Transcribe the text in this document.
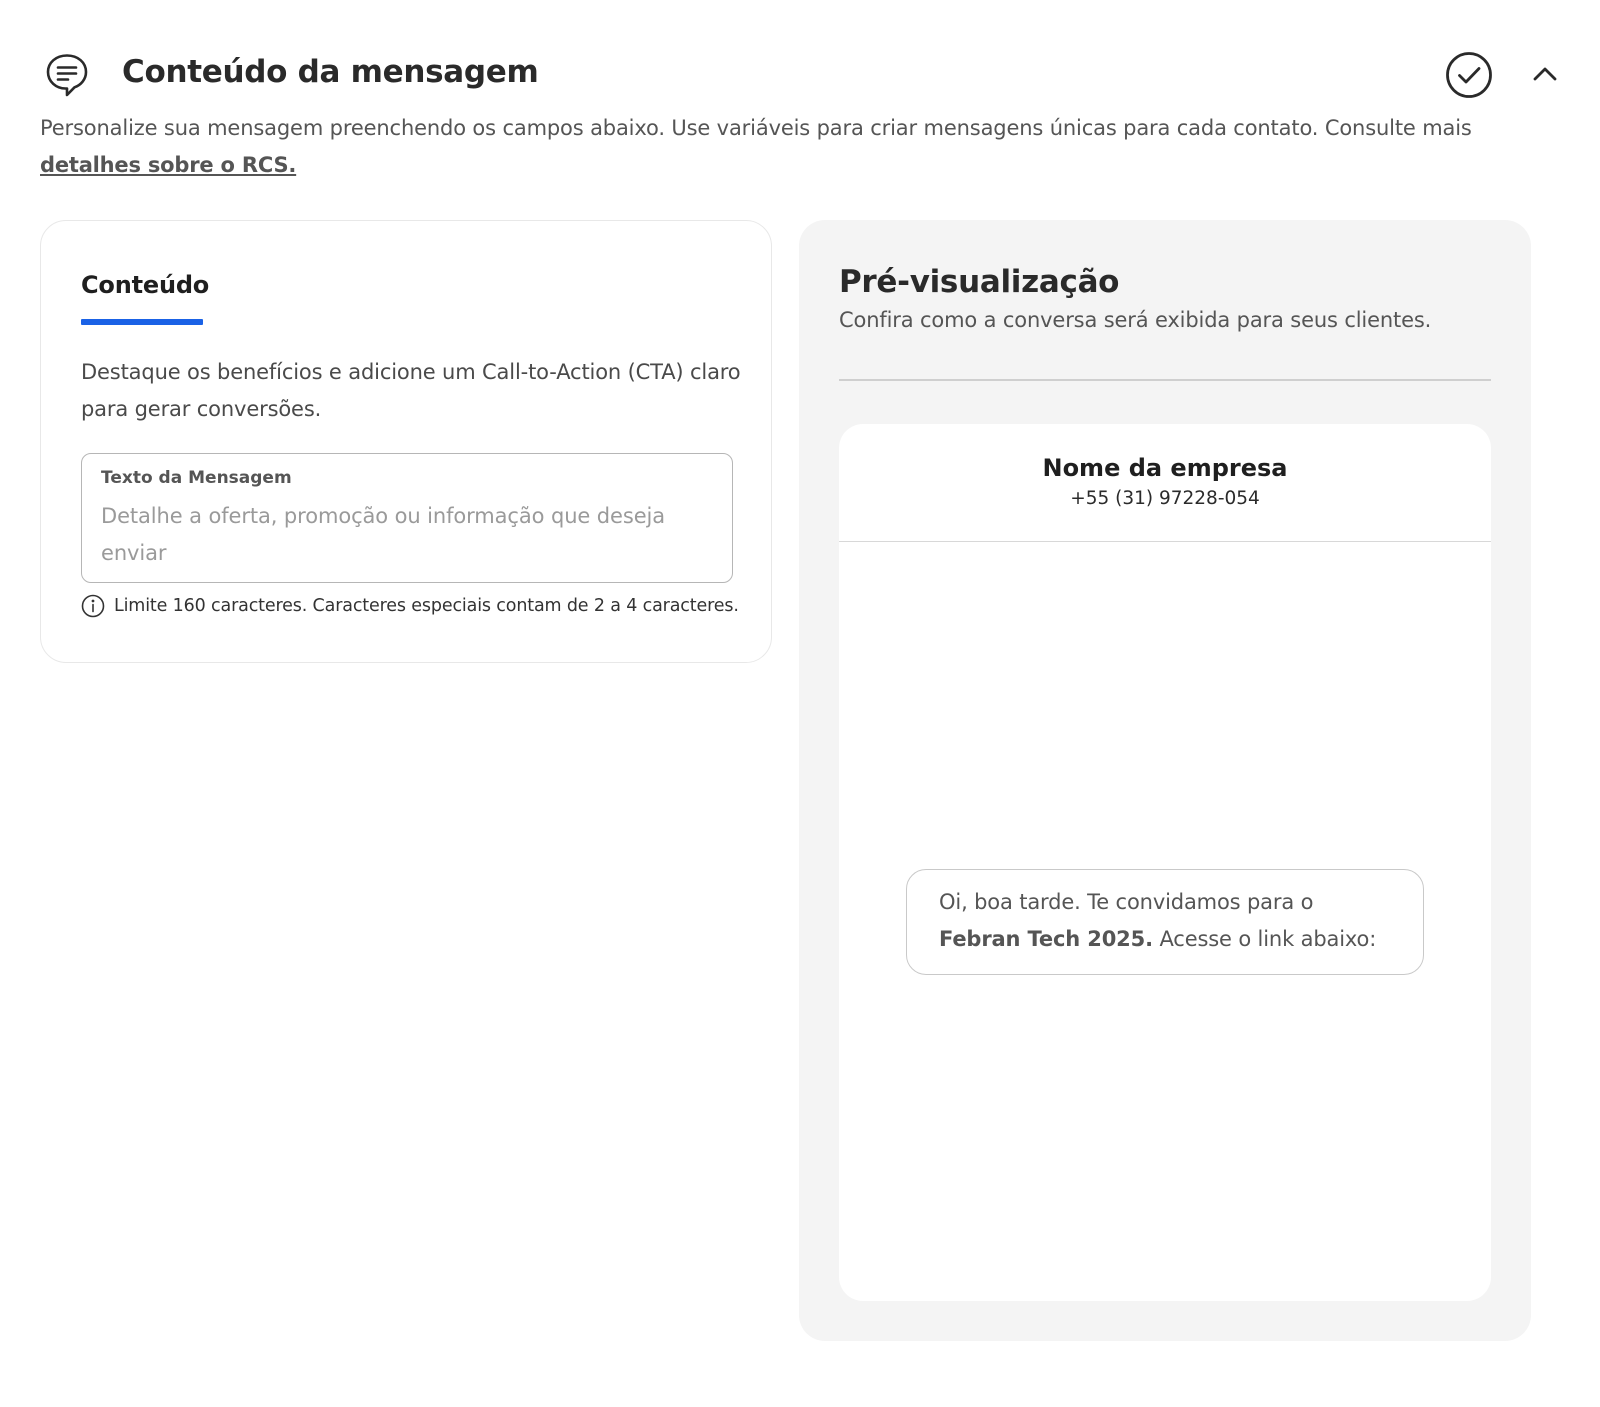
Conteúdo da mensagem
Personalize sua mensagem preenchendo os campos abaixo. Use variáveis para criar mensagens únicas para cada contato. Consulte mais
detalhes sobre o RCS.
Conteúdo
Destaque os benefícios e adicione um Call-to-Action (CTA) claro para gerar conversões.
Texto da Mensagem
Detalhe a oferta, promoção ou informação que deseja enviar
Limite 160 caracteres. Caracteres especiais contam de 2 a 4 caracteres.
Pré-visualização
Confira como a conversa será exibida para seus clientes.
Nome da empresa
+55 (31) 97228-054
Oi, boa tarde. Te convidamos para o Febran Tech 2025. Acesse o link abaixo:
